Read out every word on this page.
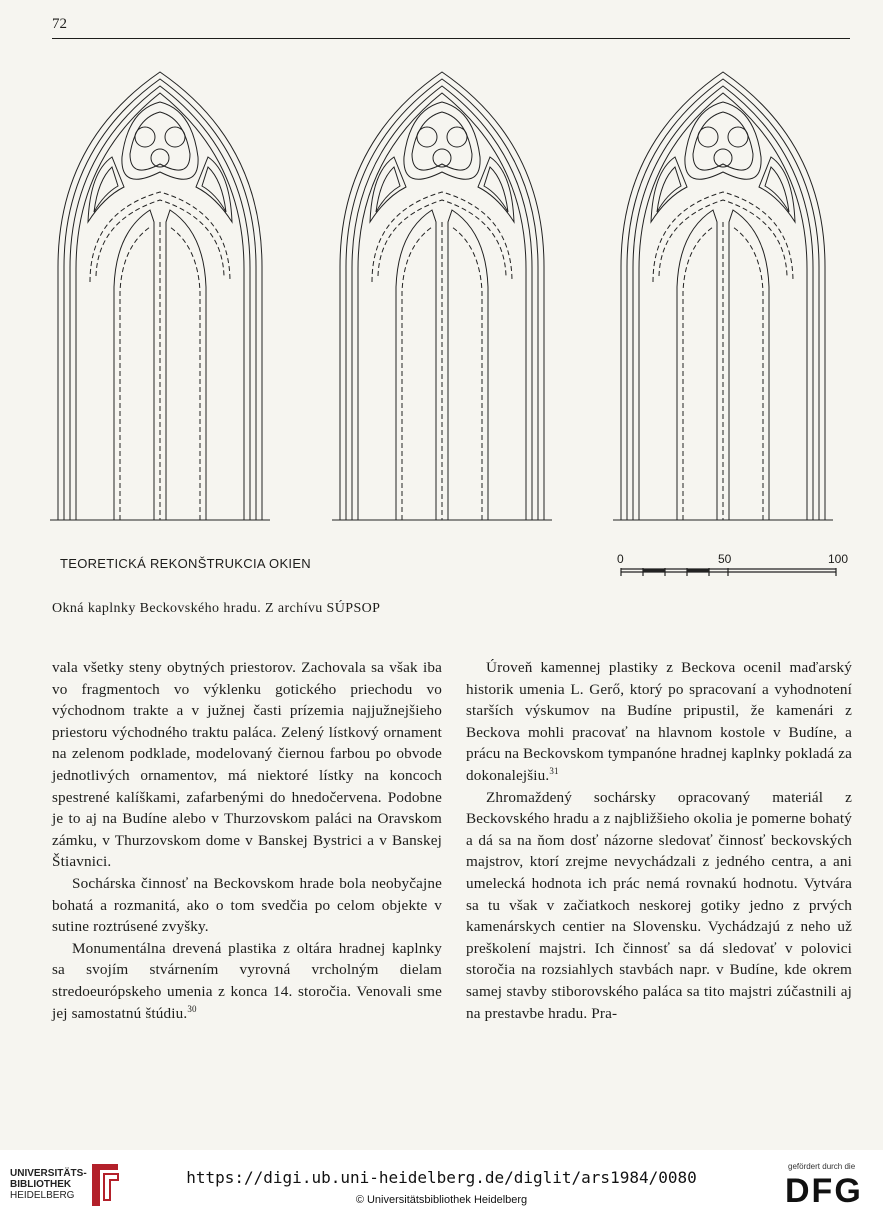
72
TEORETICKÁ REKONŠTRUKCIA OKIEN	0	50	100
Okná kaplnky Beckovského hradu. Z archívu SÚPSOP

vala všetky steny obytných priestorov. Zachovala sa však iba vo fragmentoch vo výklenku gotického priechodu vo východnom trakte a v južnej časti prízemia najjužnejšieho priestoru východného traktu paláca. Zelený lístkový ornament na zelenom podklade, modelovaný čiernou farbou po obvode jednotlivých ornamentov, má niektoré lístky na koncoch spestrené kalíškami, zafarbenými do hnedočervena. Podobne je to aj na Budíne alebo v Thurzovskom paláci na Oravskom zámku, v Thurzovskom dome v Banskej Bystrici a v Banskej Štiavnici.

Sochárska činnosť na Beckovskom hrade bola neobyčajne bohatá a rozmanitá, ako o tom svedčia po celom objekte v sutine roztrúsené zvyšky.

Monumentálna drevená plastika z oltára hradnej kaplnky sa svojím stvárnením vyrovná vrcholným dielam stredoeurópskeho umenia z konca 14. storočia. Venovali sme jej samostatnú štúdiu.$^{30}$

Úroveň kamennej plastiky z Beckova ocenil maďarský historik umenia L. Gerő, ktorý po spracovaní a vyhodnotení starších výskumov na Budíne pripustil, že kamenári z Beckova mohli pracovať na hlavnom kostole v Budíne, a prácu na Beckovskom tympanóne hradnej kaplnky pokladá za dokonalejšiu.$^{31}$

Zhromaždený sochársky opracovaný materiál z Beckovského hradu a z najbližšieho okolia je pomerne bohatý a dá sa na ňom dosť názorne sledovať činnosť beckovských majstrov, ktorí zrejme nevychádzali z jedného centra, a ani umelecká hodnota ich prác nemá rovnakú hodnotu. Vytvára sa tu však v začiatkoch neskorej gotiky jedno z prvých kamenárskych centier na Slovensku. Vychádzajú z neho už preškolení majstri. Ich činnosť sa dá sledovať v polovici storočia na rozsiahlych stavbách napr. v Budíne, kde okrem samej stavby stiborovského paláca sa tito majstri zúčastnili aj na prestavbe hradu. Pra-

UNIVERSITÄTS-
BIBLIOTHEK
HEIDELBERG
https://digi.ub.uni-heidelberg.de/diglit/ars1984/0080
© Universitätsbibliothek Heidelberg
gefördert durch die
DFG
